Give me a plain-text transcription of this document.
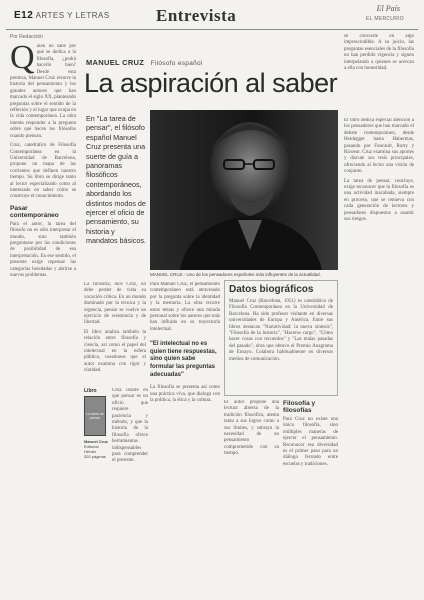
E12 ARTES Y LETRAS	Entrevista	El País
EL MERCURIO
Por Redacción
Q uien no sabe por qué se dedica a la filosofía, ¿podrá hacerlo bien? Desde esta premisa, Manuel Cruz recorre la historia del pensamiento y los grandes autores que han marcado el siglo XX, planteando preguntas sobre el sentido de la reflexión y el lugar que ocupa en la vida contemporánea. La obra intenta responder a la pregunta sobre qué hacen los filósofos cuando piensan.
Cruz, catedrático de Filosofía Contemporánea en la Universidad de Barcelona, propone un mapa de las corrientes que definen nuestro tiempo. Su libro se dirige tanto al lector especializado como al interesado en saber cómo se construye el conocimiento.
Pasar contemporáneo
Para el autor, la tarea del filósofo no es sólo interpretar el mundo, sino también preguntarse por las condiciones de posibilidad de esa interpretación. En ese sentido, el presente exige repensar las categorías heredadas y abrirse a nuevos problemas.
MANUEL CRUZ Filósofo español
La aspiración al saber
En "La tarea de pensar", el filósofo español Manuel Cruz presenta una suerte de guía a panoramas filosóficos contemporáneos, abordando los distintos modos de ejercer el oficio de pensamiento, su historia y mandatos básicos.
MANUEL CRUZ.- Uno de los pensadores españoles más influyentes de la actualidad.
La filosofía, dice Cruz, no debe perder de vista su vocación crítica. En un mundo dominado por la técnica y la urgencia, pensar se vuelve un ejercicio de resistencia y de libertad.
El libro analiza también la relación entre filosofía y ciencia, así como el papel del intelectual en la esfera pública, cuestiones que el autor examina con rigor y claridad.
Libro
La tarea de pensar
Manuel Cruz
Editorial Herder
320 páginas
Cruz insiste en que pensar es un oficio que requiere paciencia y método, y que la historia de la filosofía ofrece herramientas indispensables para comprender el presente.
Para Manuel Cruz, el pensamiento contemporáneo está atravesado por la pregunta sobre la identidad y la memoria. La obra recorre estos temas y ofrece una mirada personal sobre los autores que más han influido en su trayectoria intelectual.
"El intelectual no es quien tiene respuestas, sino quien sabe formular las preguntas adecuadas"
La filosofía se presenta así como una práctica viva, que dialoga con la política, la ética y la cultura.
Datos biográficos
Manuel Cruz (Barcelona, 1951) es catedrático de Filosofía Contemporánea en la Universidad de Barcelona. Ha sido profesor visitante en diversas universidades de Europa y América. Entre sus libros destacan "Narratividad: la nueva síntesis", "Filosofía de la historia", "Hacerse cargo", "Cómo hacer cosas con recuerdos" y "Las malas pasadas del pasado", obra que obtuvo el Premio Anagrama de Ensayo. Colabora habitualmente en diversos medios de comunicación.
El autor propone una lectura abierta de la tradición filosófica, atenta tanto a sus logros como a sus límites, y subraya la necesidad de un pensamiento comprometido con su tiempo.
Filosofía y filosofías
Para Cruz no existe una única filosofía, sino múltiples maneras de ejercer el pensamiento. Reconocer esa diversidad es el primer paso para un diálogo fecundo entre escuelas y tradiciones.
se convierte en algo imprescindible. A su juicio, las preguntas esenciales de la filosofía no han perdido vigencia y siguen interpelando a quienes se acercan a ella con honestidad.
El libro dedica especial atención a los pensadores que han marcado el debate contemporáneo, desde Heidegger hasta Habermas, pasando por Foucault, Rorty y Ricoeur. Cruz examina sus aportes y discute sus tesis principales, ofreciendo al lector una visión de conjunto.
La tarea de pensar, concluye, exige reconocer que la filosofía es una actividad inacabada, siempre en proceso, que se renueva con cada generación de lectores y pensadores dispuestos a asumir sus riesgos.
